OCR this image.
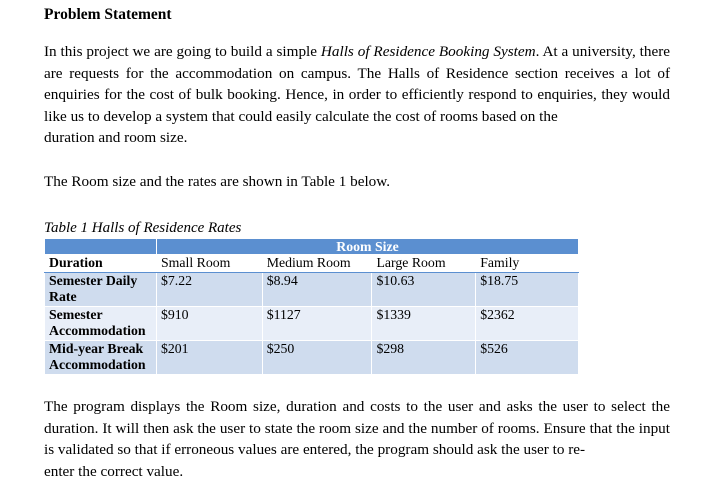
Problem Statement
In this project we are going to build a simple Halls of Residence Booking System. At a university, there are requests for the accommodation on campus. The Halls of Residence section receives a lot of enquiries for the cost of bulk booking. Hence, in order to efficiently respond to enquiries, they would like us to develop a system that could easily calculate the cost of rooms based on the
duration and room size.
The Room size and the rates are shown in Table 1 below.
Table 1 Halls of Residence Rates
	Room Size			
Duration	Small Room	Medium Room	Large Room	Family
Semester Daily Rate	$7.22	$8.94	$10.63	$18.75
Semester Accommodation	$910	$1127	$1339	$2362
Mid-year Break Accommodation	$201	$250	$298	$526
The program displays the Room size, duration and costs to the user and asks the user to select the duration. It will then ask the user to state the room size and the number of rooms. Ensure that the input is validated so that if erroneous values are entered, the program should ask the user to re-
enter the correct value.
